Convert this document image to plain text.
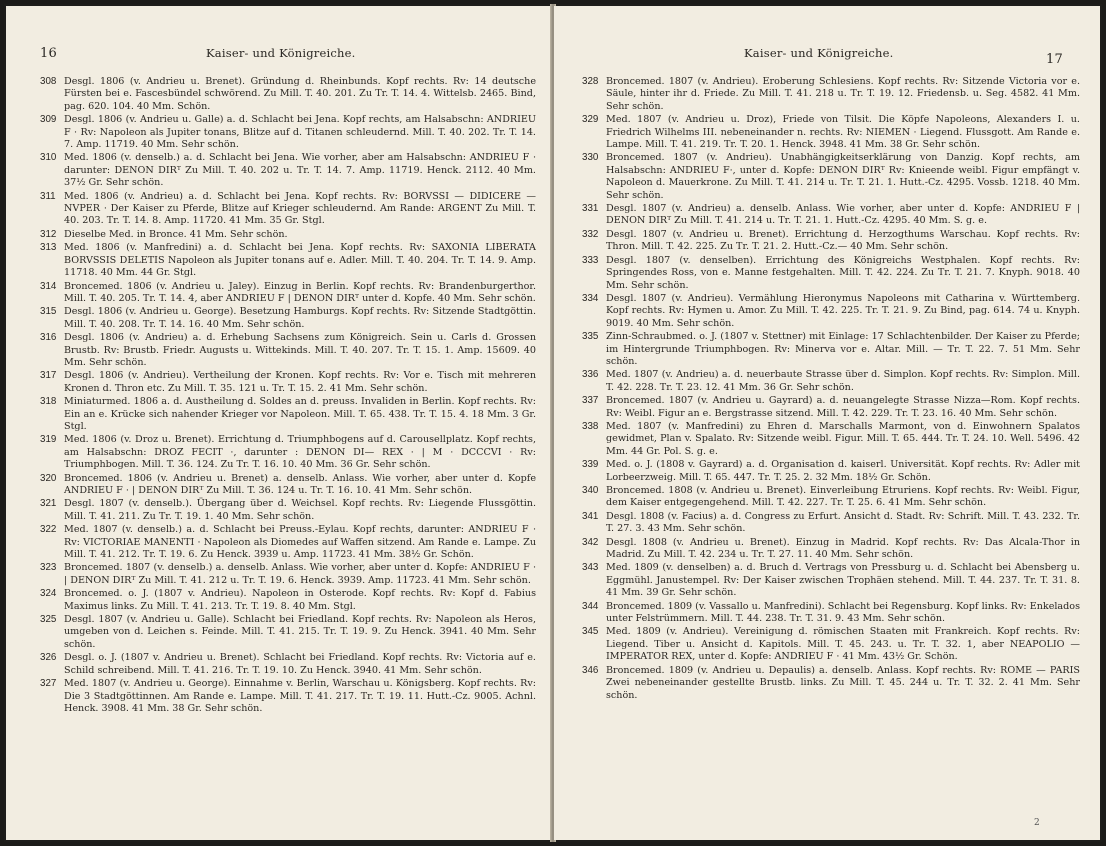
16	Kaiser- und Königreiche.
308 Desgl. 1806 (v. Andrieu u. Brenet). Gründung d. Rheinbunds. Kopf rechts. Rv: 14 deutsche Fürsten bei e. Fascesbündel schwörend. Zu Mill. T. 40. 201. Zu Tr. T. 14. 4. Wittelsb. 2465. Bind, pag. 620. 104. 40 Mm. Schön.
309 Desgl. 1806 (v. Andrieu u. Galle) a. d. Schlacht bei Jena. Kopf rechts, am Halsabschn: ANDRIEU F · Rv: Napoleon als Jupiter tonans, Blitze auf d. Titanen schleudernd. Mill. T. 40. 202. Tr. T. 14. 7. Amp. 11719. 40 Mm. Sehr schön.
310 Med. 1806 (v. denselb.) a. d. Schlacht bei Jena. Wie vorher, aber am Halsabschn: ANDRIEU F · darunter: DENON DIRᵀ Zu Mill. T. 40. 202 u. Tr. T. 14. 7. Amp. 11719. Henck. 2112. 40 Mm. 37½ Gr. Sehr schön.
311 Med. 1806 (v. Andrieu) a. d. Schlacht bei Jena. Kopf rechts. Rv: BORVSSI — DIDICERE — NVPER · Der Kaiser zu Pferde, Blitze auf Krieger schleudernd. Am Rande: ARGENT Zu Mill. T. 40. 203. Tr. T. 14. 8. Amp. 11720. 41 Mm. 35 Gr. Stgl.
312 Dieselbe Med. in Bronce. 41 Mm. Sehr schön.
313 Med. 1806 (v. Manfredini) a. d. Schlacht bei Jena. Kopf rechts. Rv: SAXONIA LIBERATA BORVSSIS DELETIS Napoleon als Jupiter tonans auf e. Adler. Mill. T. 40. 204. Tr. T. 14. 9. Amp. 11718. 40 Mm. 44 Gr. Stgl.
314 Broncemed. 1806 (v. Andrieu u. Jaley). Einzug in Berlin. Kopf rechts. Rv: Brandenburgerthor. Mill. T. 40. 205. Tr. T. 14. 4, aber ANDRIEU F | DENON DIRᵀ unter d. Kopfe. 40 Mm. Sehr schön.
315 Desgl. 1806 (v. Andrieu u. George). Besetzung Hamburgs. Kopf rechts. Rv: Sitzende Stadtgöttin. Mill. T. 40. 208. Tr. T. 14. 16. 40 Mm. Sehr schön.
316 Desgl. 1806 (v. Andrieu) a. d. Erhebung Sachsens zum Königreich. Sein u. Carls d. Grossen Brustb. Rv: Brustb. Friedr. Augusts u. Wittekinds. Mill. T. 40. 207. Tr. T. 15. 1. Amp. 15609. 40 Mm. Sehr schön.
317 Desgl. 1806 (v. Andrieu). Vertheilung der Kronen. Kopf rechts. Rv: Vor e. Tisch mit mehreren Kronen d. Thron etc. Zu Mill. T. 35. 121 u. Tr. T. 15. 2. 41 Mm. Sehr schön.
318 Miniaturmed. 1806 a. d. Austheilung d. Soldes an d. preuss. Invaliden in Berlin. Kopf rechts. Rv: Ein an e. Krücke sich nahender Krieger vor Napoleon. Mill. T. 65. 438. Tr. T. 15. 4. 18 Mm. 3 Gr. Stgl.
319 Med. 1806 (v. Droz u. Brenet). Errichtung d. Triumphbogens auf d. Carousellplatz. Kopf rechts, am Halsabschn: DROZ FECIT ·, darunter : DENON DI— REX · | M · DCCCVI · Rv: Triumphbogen. Mill. T. 36. 124. Zu Tr. T. 16. 10. 40 Mm. 36 Gr. Sehr schön.
320 Broncemed. 1806 (v. Andrieu u. Brenet) a. denselb. Anlass. Wie vorher, aber unter d. Kopfe ANDRIEU F · | DENON DIRᵀ Zu Mill. T. 36. 124 u. Tr. T. 16. 10. 41 Mm. Sehr schön.
321 Desgl. 1807 (v. denselb.). Übergang über d. Weichsel. Kopf rechts. Rv: Liegende Flussgöttin. Mill. T. 41. 211. Zu Tr. T. 19. 1. 40 Mm. Sehr schön.
322 Med. 1807 (v. denselb.) a. d. Schlacht bei Preuss.-Eylau. Kopf rechts, darunter: ANDRIEU F · Rv: VICTORIAE MANENTI · Napoleon als Diomedes auf Waffen sitzend. Am Rande e. Lampe. Zu Mill. T. 41. 212. Tr. T. 19. 6. Zu Henck. 3939 u. Amp. 11723. 41 Mm. 38½ Gr. Schön.
323 Broncemed. 1807 (v. denselb.) a. denselb. Anlass. Wie vorher, aber unter d. Kopfe: ANDRIEU F · | DENON DIRᵀ Zu Mill. T. 41. 212 u. Tr. T. 19. 6. Henck. 3939. Amp. 11723. 41 Mm. Sehr schön.
324 Broncemed. o. J. (1807 v. Andrieu). Napoleon in Osterode. Kopf rechts. Rv: Kopf d. Fabius Maximus links. Zu Mill. T. 41. 213. Tr. T. 19. 8. 40 Mm. Stgl.
325 Desgl. 1807 (v. Andrieu u. Galle). Schlacht bei Friedland. Kopf rechts. Rv: Napoleon als Heros, umgeben von d. Leichen s. Feinde. Mill. T. 41. 215. Tr. T. 19. 9. Zu Henck. 3941. 40 Mm. Sehr schön.
326 Desgl. o. J. (1807 v. Andrieu u. Brenet). Schlacht bei Friedland. Kopf rechts. Rv: Victoria auf e. Schild schreibend. Mill. T. 41. 216. Tr. T. 19. 10. Zu Henck. 3940. 41 Mm. Sehr schön.
327 Med. 1807 (v. Andrieu u. George). Einnahme v. Berlin, Warschau u. Königsberg. Kopf rechts. Rv: Die 3 Stadtgöttinnen. Am Rande e. Lampe. Mill. T. 41. 217. Tr. T. 19. 11. Hutt.-Cz. 9005. Achnl. Henck. 3908. 41 Mm. 38 Gr. Sehr schön.
Kaiser- und Königreiche.	17
328 Broncemed. 1807 (v. Andrieu). Eroberung Schlesiens. Kopf rechts. Rv: Sitzende Victoria vor e. Säule, hinter ihr d. Friede. Zu Mill. T. 41. 218 u. Tr. T. 19. 12. Friedensb. u. Seg. 4582. 41 Mm. Sehr schön.
329 Med. 1807 (v. Andrieu u. Droz), Friede von Tilsit. Die Köpfe Napoleons, Alexanders I. u. Friedrich Wilhelms III. nebeneinander n. rechts. Rv: NIEMEN · Liegend. Flussgott. Am Rande e. Lampe. Mill. T. 41. 219. Tr. T. 20. 1. Henck. 3948. 41 Mm. 38 Gr. Sehr schön.
330 Broncemed. 1807 (v. Andrieu). Unabhängigkeitserklärung von Danzig. Kopf rechts, am Halsabschn: ANDRIEU F·, unter d. Kopfe: DENON DIRᵀ Rv: Knieende weibl. Figur empfängt v. Napoleon d. Mauerkrone. Zu Mill. T. 41. 214 u. Tr. T. 21. 1. Hutt.-Cz. 4295. Vossb. 1218. 40 Mm. Sehr schön.
331 Desgl. 1807 (v. Andrieu) a. denselb. Anlass. Wie vorher, aber unter d. Kopfe: ANDRIEU F | DENON DIRᵀ Zu Mill. T. 41. 214 u. Tr. T. 21. 1. Hutt.-Cz. 4295. 40 Mm. S. g. e.
332 Desgl. 1807 (v. Andrieu u. Brenet). Errichtung d. Herzogthums Warschau. Kopf rechts. Rv: Thron. Mill. T. 42. 225. Zu Tr. T. 21. 2. Hutt.-Cz.— 40 Mm. Sehr schön.
333 Desgl. 1807 (v. denselben). Errichtung des Königreichs Westphalen. Kopf rechts. Rv: Springendes Ross, von e. Manne festgehalten. Mill. T. 42. 224. Zu Tr. T. 21. 7. Knyph. 9018. 40 Mm. Sehr schön.
334 Desgl. 1807 (v. Andrieu). Vermählung Hieronymus Napoleons mit Catharina v. Württemberg. Kopf rechts. Rv: Hymen u. Amor. Zu Mill. T. 42. 225. Tr. T. 21. 9. Zu Bind, pag. 614. 74 u. Knyph. 9019. 40 Mm. Sehr schön.
335 Zinn-Schraubmed. o. J. (1807 v. Stettner) mit Einlage: 17 Schlachtenbilder. Der Kaiser zu Pferde; im Hintergrunde Triumphbogen. Rv: Minerva vor e. Altar. Mill. — Tr. T. 22. 7. 51 Mm. Sehr schön.
336 Med. 1807 (v. Andrieu) a. d. neuerbaute Strasse über d. Simplon. Kopf rechts. Rv: Simplon. Mill. T. 42. 228. Tr. T. 23. 12. 41 Mm. 36 Gr. Sehr schön.
337 Broncemed. 1807 (v. Andrieu u. Gayrard) a. d. neuangelegte Strasse Nizza—Rom. Kopf rechts. Rv: Weibl. Figur an e. Bergstrasse sitzend. Mill. T. 42. 229. Tr. T. 23. 16. 40 Mm. Sehr schön.
338 Med. 1807 (v. Manfredini) zu Ehren d. Marschalls Marmont, von d. Einwohnern Spalatos gewidmet, Plan v. Spalato. Rv: Sitzende weibl. Figur. Mill. T. 65. 444. Tr. T. 24. 10. Well. 5496. 42 Mm. 44 Gr. Pol. S. g. e.
339 Med. o. J. (1808 v. Gayrard) a. d. Organisation d. kaiserl. Universität. Kopf rechts. Rv: Adler mit Lorbeerzweig. Mill. T. 65. 447. Tr. T. 25. 2. 32 Mm. 18½ Gr. Schön.
340 Broncemed. 1808 (v. Andrieu u. Brenet). Einverleibung Etruriens. Kopf rechts. Rv: Weibl. Figur, dem Kaiser entgegengehend. Mill. T. 42. 227. Tr. T. 25. 6. 41 Mm. Sehr schön.
341 Desgl. 1808 (v. Facius) a. d. Congress zu Erfurt. Ansicht d. Stadt. Rv: Schrift. Mill. T. 43. 232. Tr. T. 27. 3. 43 Mm. Sehr schön.
342 Desgl. 1808 (v. Andrieu u. Brenet). Einzug in Madrid. Kopf rechts. Rv: Das Alcala-Thor in Madrid. Zu Mill. T. 42. 234 u. Tr. T. 27. 11. 40 Mm. Sehr schön.
343 Med. 1809 (v. denselben) a. d. Bruch d. Vertrags von Pressburg u. d. Schlacht bei Abensberg u. Eggmühl. Janustempel. Rv: Der Kaiser zwischen Trophäen stehend. Mill. T. 44. 237. Tr. T. 31. 8. 41 Mm. 39 Gr. Sehr schön.
344 Broncemed. 1809 (v. Vassallo u. Manfredini). Schlacht bei Regensburg. Kopf links. Rv: Enkelados unter Felstrümmern. Mill. T. 44. 238. Tr. T. 31. 9. 43 Mm. Sehr schön.
345 Med. 1809 (v. Andrieu). Vereinigung d. römischen Staaten mit Frankreich. Kopf rechts. Rv: Liegend. Tiber u. Ansicht d. Kapitols. Mill. T. 45. 243. u. Tr. T. 32. 1, aber NEAPOLIO — IMPERATOR REX, unter d. Kopfe: ANDRIEU F · 41 Mm. 43½ Gr. Schön.
346 Broncemed. 1809 (v. Andrieu u. Depaulis) a. denselb. Anlass. Kopf rechts. Rv: ROME — PARIS Zwei nebeneinander gestellte Brustb. links. Zu Mill. T. 45. 244 u. Tr. T. 32. 2. 41 Mm. Sehr schön.
2
